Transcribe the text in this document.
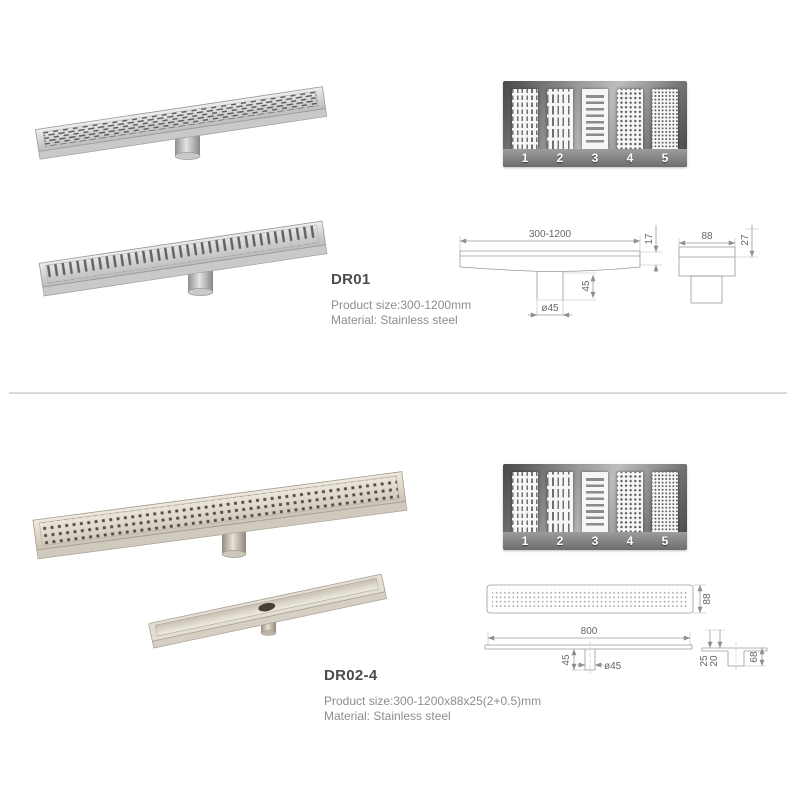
1	2	3	4	5
300-1200	17
45
ø45
88	27
DR01
Product size:300-1200mm
Material: Stainless steel
1	2	3	4	5
88
800
45
ø45	25 20	68
DR02-4
Product size:300-1200x88x25(2+0.5)mm
Material: Stainless steel
